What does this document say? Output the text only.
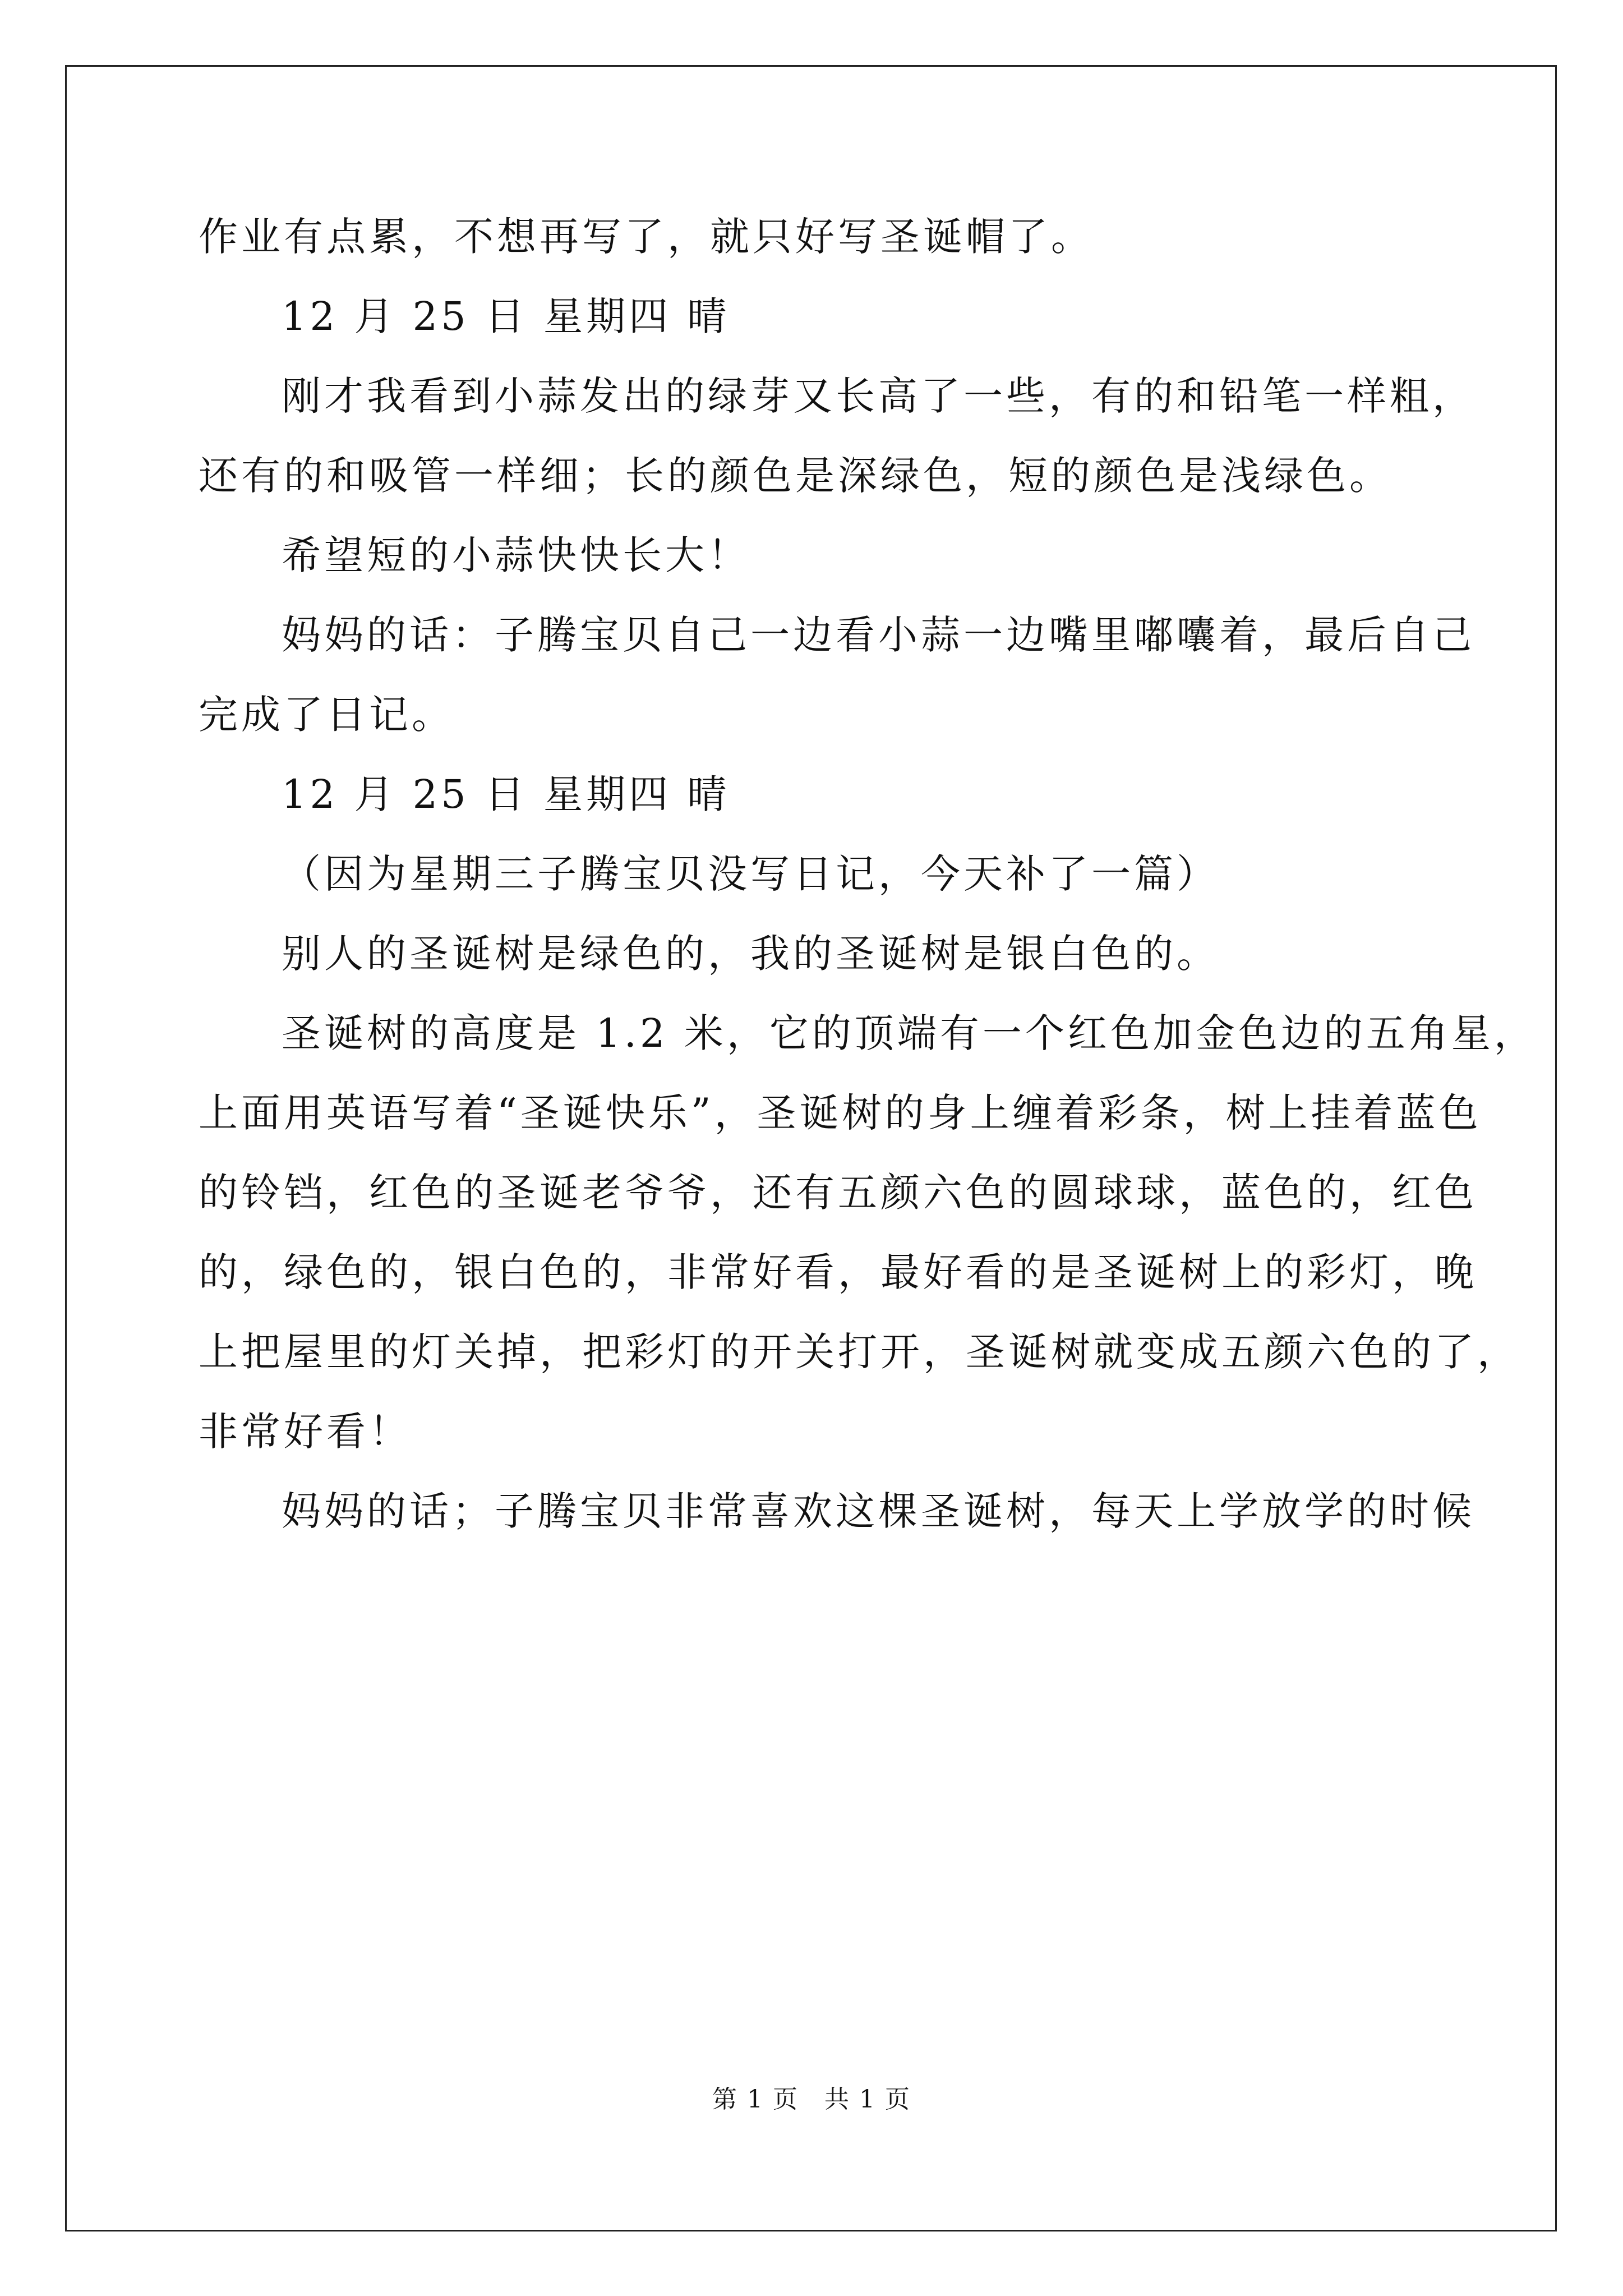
作业有点累，不想再写了，就只好写圣诞帽了。
12 月 25 日 星期四 晴
刚才我看到小蒜发出的绿芽又长高了一些，有的和铅笔一样粗，
还有的和吸管一样细；长的颜色是深绿色，短的颜色是浅绿色。
希望短的小蒜快快长大！
妈妈的话：子腾宝贝自己一边看小蒜一边嘴里嘟囔着，最后自己
完成了日记。
12 月 25 日 星期四 晴
（因为星期三子腾宝贝没写日记，今天补了一篇）
别人的圣诞树是绿色的，我的圣诞树是银白色的。
圣诞树的高度是 1.2 米，它的顶端有一个红色加金色边的五角星，
上面用英语写着“圣诞快乐”，圣诞树的身上缠着彩条，树上挂着蓝色
的铃铛，红色的圣诞老爷爷，还有五颜六色的圆球球，蓝色的，红色
的，绿色的，银白色的，非常好看，最好看的是圣诞树上的彩灯，晚
上把屋里的灯关掉，把彩灯的开关打开，圣诞树就变成五颜六色的了，
非常好看！
妈妈的话；子腾宝贝非常喜欢这棵圣诞树，每天上学放学的时候
第 1 页　共 1 页
